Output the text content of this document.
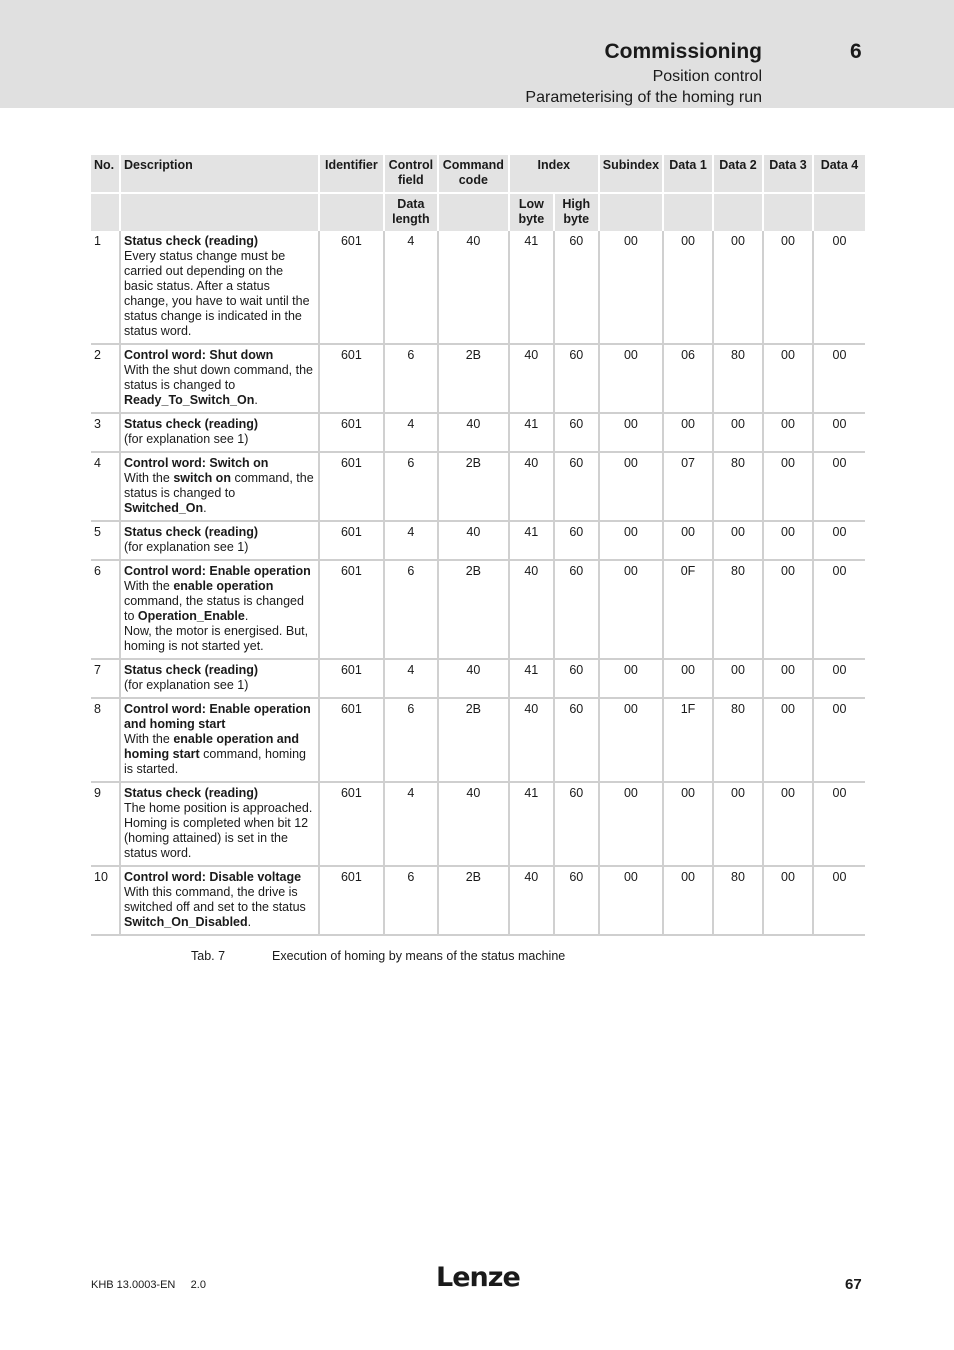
Commissioning	6
Position control
Parameterising of the homing run
No.	Description	Identifier	Control field	Command code	Index		Subindex	Data 1	Data 2	Data 3	Data 4
			Data length		Low byte	High byte					
1	Status check (reading)
Every status change must be carried out depending on the basic status. After a status change, you have to wait until the status change is indicated in the status word.	601	4	40	41	60	00	00	00	00	00
2	Control word: Shut down
With the shut down command, the status is changed to Ready_To_Switch_On.	601	6	2B	40	60	00	06	80	00	00
3	Status check (reading)
(for explanation see 1)	601	4	40	41	60	00	00	00	00	00
4	Control word: Switch on
With the switch on command, the status is changed to Switched_On.	601	6	2B	40	60	00	07	80	00	00
5	Status check (reading)
(for explanation see 1)	601	4	40	41	60	00	00	00	00	00
6	Control word: Enable operation
With the enable operation command, the status is changed to Operation_Enable.
Now, the motor is energised. But, homing is not started yet.	601	6	2B	40	60	00	0F	80	00	00
7	Status check (reading)
(for explanation see 1)	601	4	40	41	60	00	00	00	00	00
8	Control word: Enable operation and homing start
With the enable operation and homing start command, homing is started.	601	6	2B	40	60	00	1F	80	00	00
9	Status check (reading)
The home position is approached. Homing is completed when bit 12 (homing attained) is set in the status word.	601	4	40	41	60	00	00	00	00	00
10	Control word: Disable voltage
With this command, the drive is switched off and set to the status Switch_On_Disabled.	601	6	2B	40	60	00	00	80	00	00
Tab. 7	Execution of homing by means of the status machine
KHB 13.0003-EN     2.0	Lenze	67
